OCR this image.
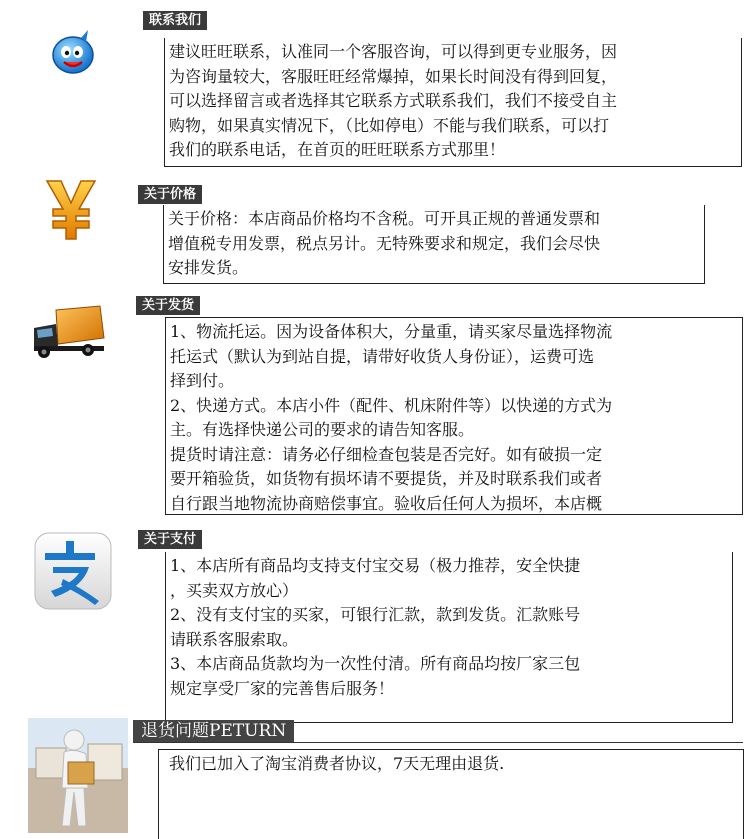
联系我们

建议旺旺联系，认准同一个客服咨询，可以得到更专业服务，因

为咨询量较大，客服旺旺经常爆掉，如果长时间没有得到回复，

可以选择留言或者选择其它联系方式联系我们，我们不接受自主

购物，如果真实情况下，（比如停电）不能与我们联系，可以打

我们的联系电话，在首页的旺旺联系方式那里！

关于价格

关于价格：本店商品价格均不含税。可开具正规的普通发票和

增值税专用发票，税点另计。无特殊要求和规定，我们会尽快

安排发货。

关于发货

1、物流托运。因为设备体积大，分量重，请买家尽量选择物流

托运式（默认为到站自提，请带好收货人身份证），运费可选

择到付。

2、快递方式。本店小件（配件、机床附件等）以快递的方式为

主。有选择快递公司的要求的请告知客服。

提货时请注意：请务必仔细检查包装是否完好。如有破损一定

要开箱验货，如货物有损坏请不要提货，并及时联系我们或者

自行跟当地物流协商赔偿事宜。验收后任何人为损坏，本店概

关于支付

1、本店所有商品均支持支付宝交易（极力推荐，安全快捷

，买卖双方放心）

2、没有支付宝的买家，可银行汇款，款到发货。汇款账号

请联系客服索取。

3、本店商品货款均为一次性付清。所有商品均按厂家三包

规定享受厂家的完善售后服务！

退货问题PETURN

我们已加入了淘宝消费者协议，7天无理由退货.
